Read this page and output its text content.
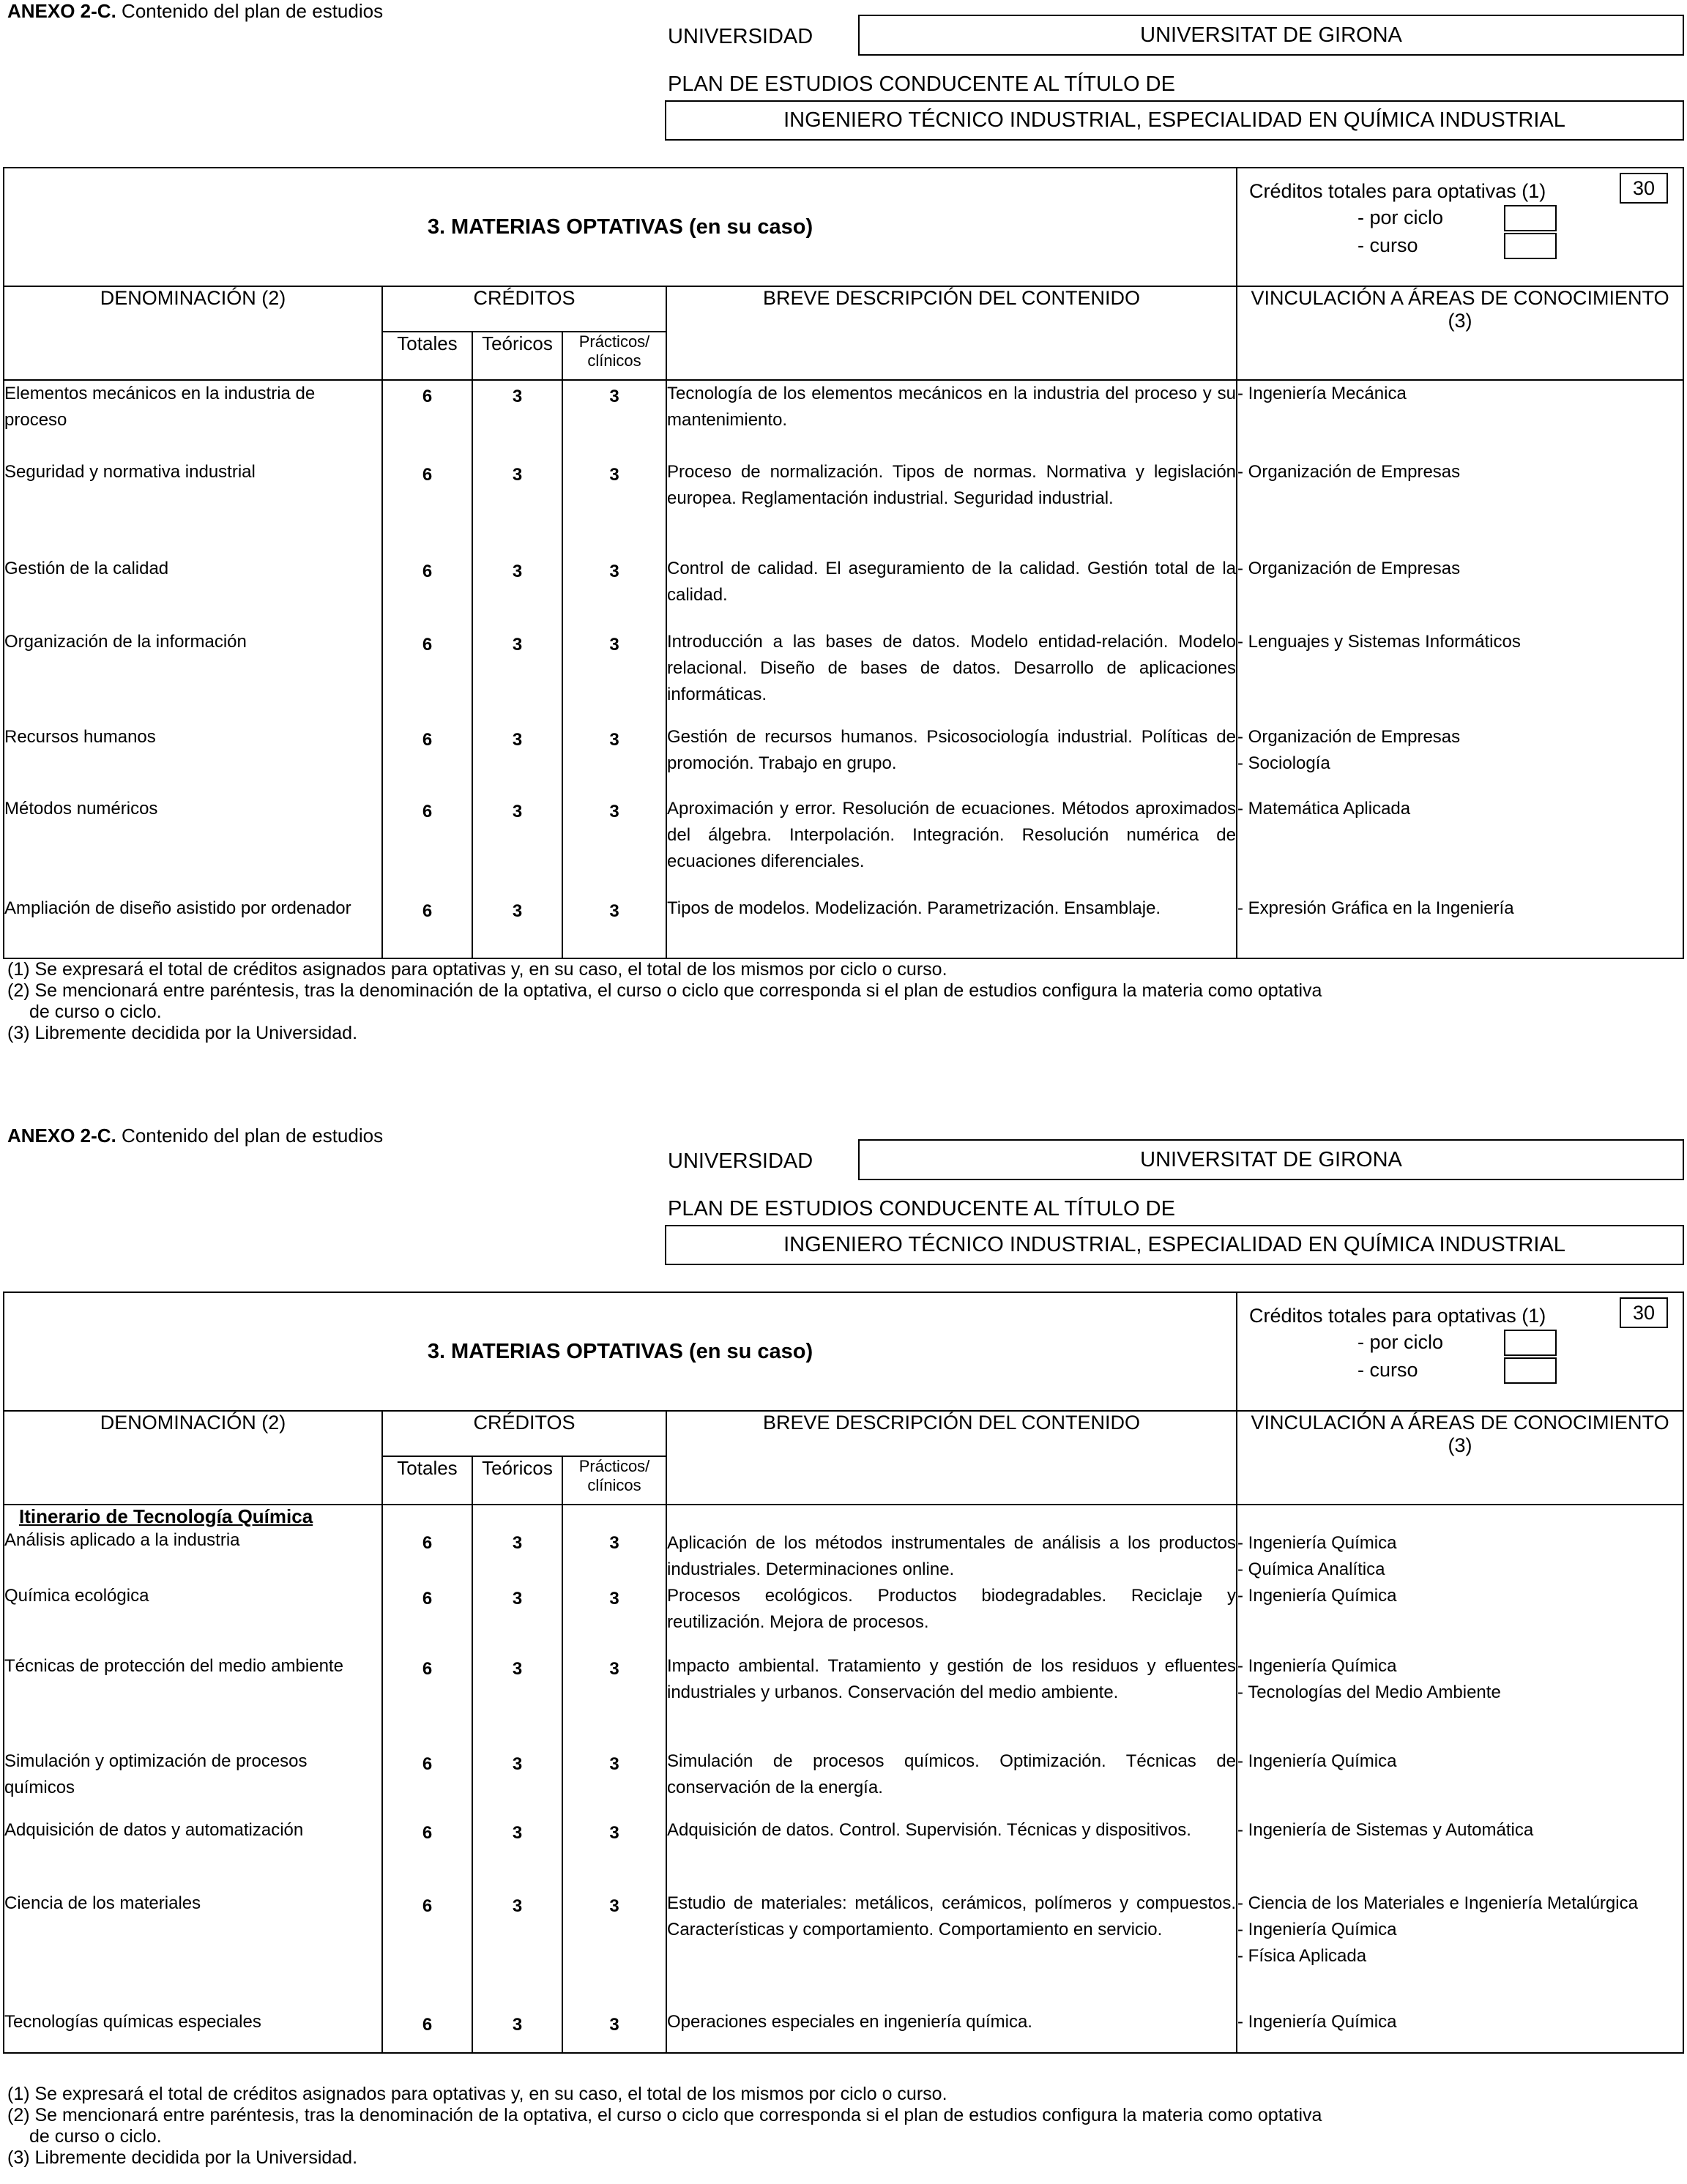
ANEXO 2-C. Contenido del plan de estudios
UNIVERSIDAD	UNIVERSITAT DE GIRONA
PLAN DE ESTUDIOS CONDUCENTE AL TÍTULO DE
INGENIERO TÉCNICO INDUSTRIAL, ESPECIALIDAD EN QUÍMICA INDUSTRIAL
3. MATERIAS OPTATIVAS (en su caso)					Créditos totales para optativas (1) 30
- por ciclo
- curso

DENOMINACIÓN (2)	CRÉDITOS			BREVE DESCRIPCIÓN DEL CONTENIDO	VINCULACIÓN A ÁREAS DE CONOCIMIENTO (3)
	Totales	Teóricos	Prácticos/ clínicos		
Elementos mecánicos en la industria de proceso	6	3	3	Tecnología de los elementos mecánicos en la industria del proceso y su mantenimiento.	- Ingeniería Mecánica
Seguridad y normativa industrial	6	3	3	Proceso de normalización. Tipos de normas. Normativa y legislación europea. Reglamentación industrial. Seguridad industrial.	- Organización de Empresas
Gestión de la calidad	6	3	3	Control de calidad. El aseguramiento de la calidad. Gestión total de la calidad.	- Organización de Empresas
Organización de la información	6	3	3	Introducción a las bases de datos. Modelo entidad-relación. Modelo relacional. Diseño de bases de datos. Desarrollo de aplicaciones informáticas.	- Lenguajes y Sistemas Informáticos
Recursos humanos	6	3	3	Gestión de recursos humanos. Psicosociología industrial. Políticas de promoción. Trabajo en grupo.	- Organización de Empresas
- Sociología
Métodos numéricos	6	3	3	Aproximación y error. Resolución de ecuaciones. Métodos aproximados del álgebra. Interpolación. Integración. Resolución numérica de ecuaciones diferenciales.	- Matemática Aplicada
Ampliación de diseño asistido por ordenador	6	3	3	Tipos de modelos. Modelización. Parametrización. Ensamblaje.	- Expresión Gráfica en la Ingeniería
(1) Se expresará el total de créditos asignados para optativas y, en su caso, el total de los mismos por ciclo o curso.
(2) Se mencionará entre paréntesis, tras la denominación de la optativa, el curso o ciclo que corresponda si el plan de estudios configura la materia como optativa
de curso o ciclo.
(3) Libremente decidida por la Universidad.
ANEXO 2-C. Contenido del plan de estudios
UNIVERSIDAD	UNIVERSITAT DE GIRONA
PLAN DE ESTUDIOS CONDUCENTE AL TÍTULO DE
INGENIERO TÉCNICO INDUSTRIAL, ESPECIALIDAD EN QUÍMICA INDUSTRIAL
3. MATERIAS OPTATIVAS (en su caso)					Créditos totales para optativas (1) 30
- por ciclo
- curso

DENOMINACIÓN (2)	CRÉDITOS			BREVE DESCRIPCIÓN DEL CONTENIDO	VINCULACIÓN A ÁREAS DE CONOCIMIENTO (3)
	Totales	Teóricos	Prácticos/ clínicos		

Itinerario de Tecnología Química
Análisis aplicado a la industria	6	3	3	Aplicación de los métodos instrumentales de análisis a los productos industriales. Determinaciones online.	- Ingeniería Química
- Química Analítica
Química ecológica	6	3	3	Procesos ecológicos. Productos biodegradables. Reciclaje y reutilización. Mejora de procesos.	- Ingeniería Química
Técnicas de protección del medio ambiente	6	3	3	Impacto ambiental. Tratamiento y gestión de los residuos y efluentes industriales y urbanos. Conservación del medio ambiente.	- Ingeniería Química
- Tecnologías del Medio Ambiente
Simulación y optimización de procesos químicos	6	3	3	Simulación de procesos químicos. Optimización. Técnicas de conservación de la energía.	- Ingeniería Química
Adquisición de datos y automatización	6	3	3	Adquisición de datos. Control. Supervisión. Técnicas y dispositivos.	- Ingeniería de Sistemas y Automática
Ciencia de los materiales	6	3	3	Estudio de materiales: metálicos, cerámicos, polímeros y compuestos. Características y comportamiento. Comportamiento en servicio.	- Ciencia de los Materiales e Ingeniería Metalúrgica
- Ingeniería Química
- Física Aplicada
Tecnologías químicas especiales	6	3	3	Operaciones especiales en ingeniería química.	- Ingeniería Química
(1) Se expresará el total de créditos asignados para optativas y, en su caso, el total de los mismos por ciclo o curso.
(2) Se mencionará entre paréntesis, tras la denominación de la optativa, el curso o ciclo que corresponda si el plan de estudios configura la materia como optativa
de curso o ciclo.
(3) Libremente decidida por la Universidad.
